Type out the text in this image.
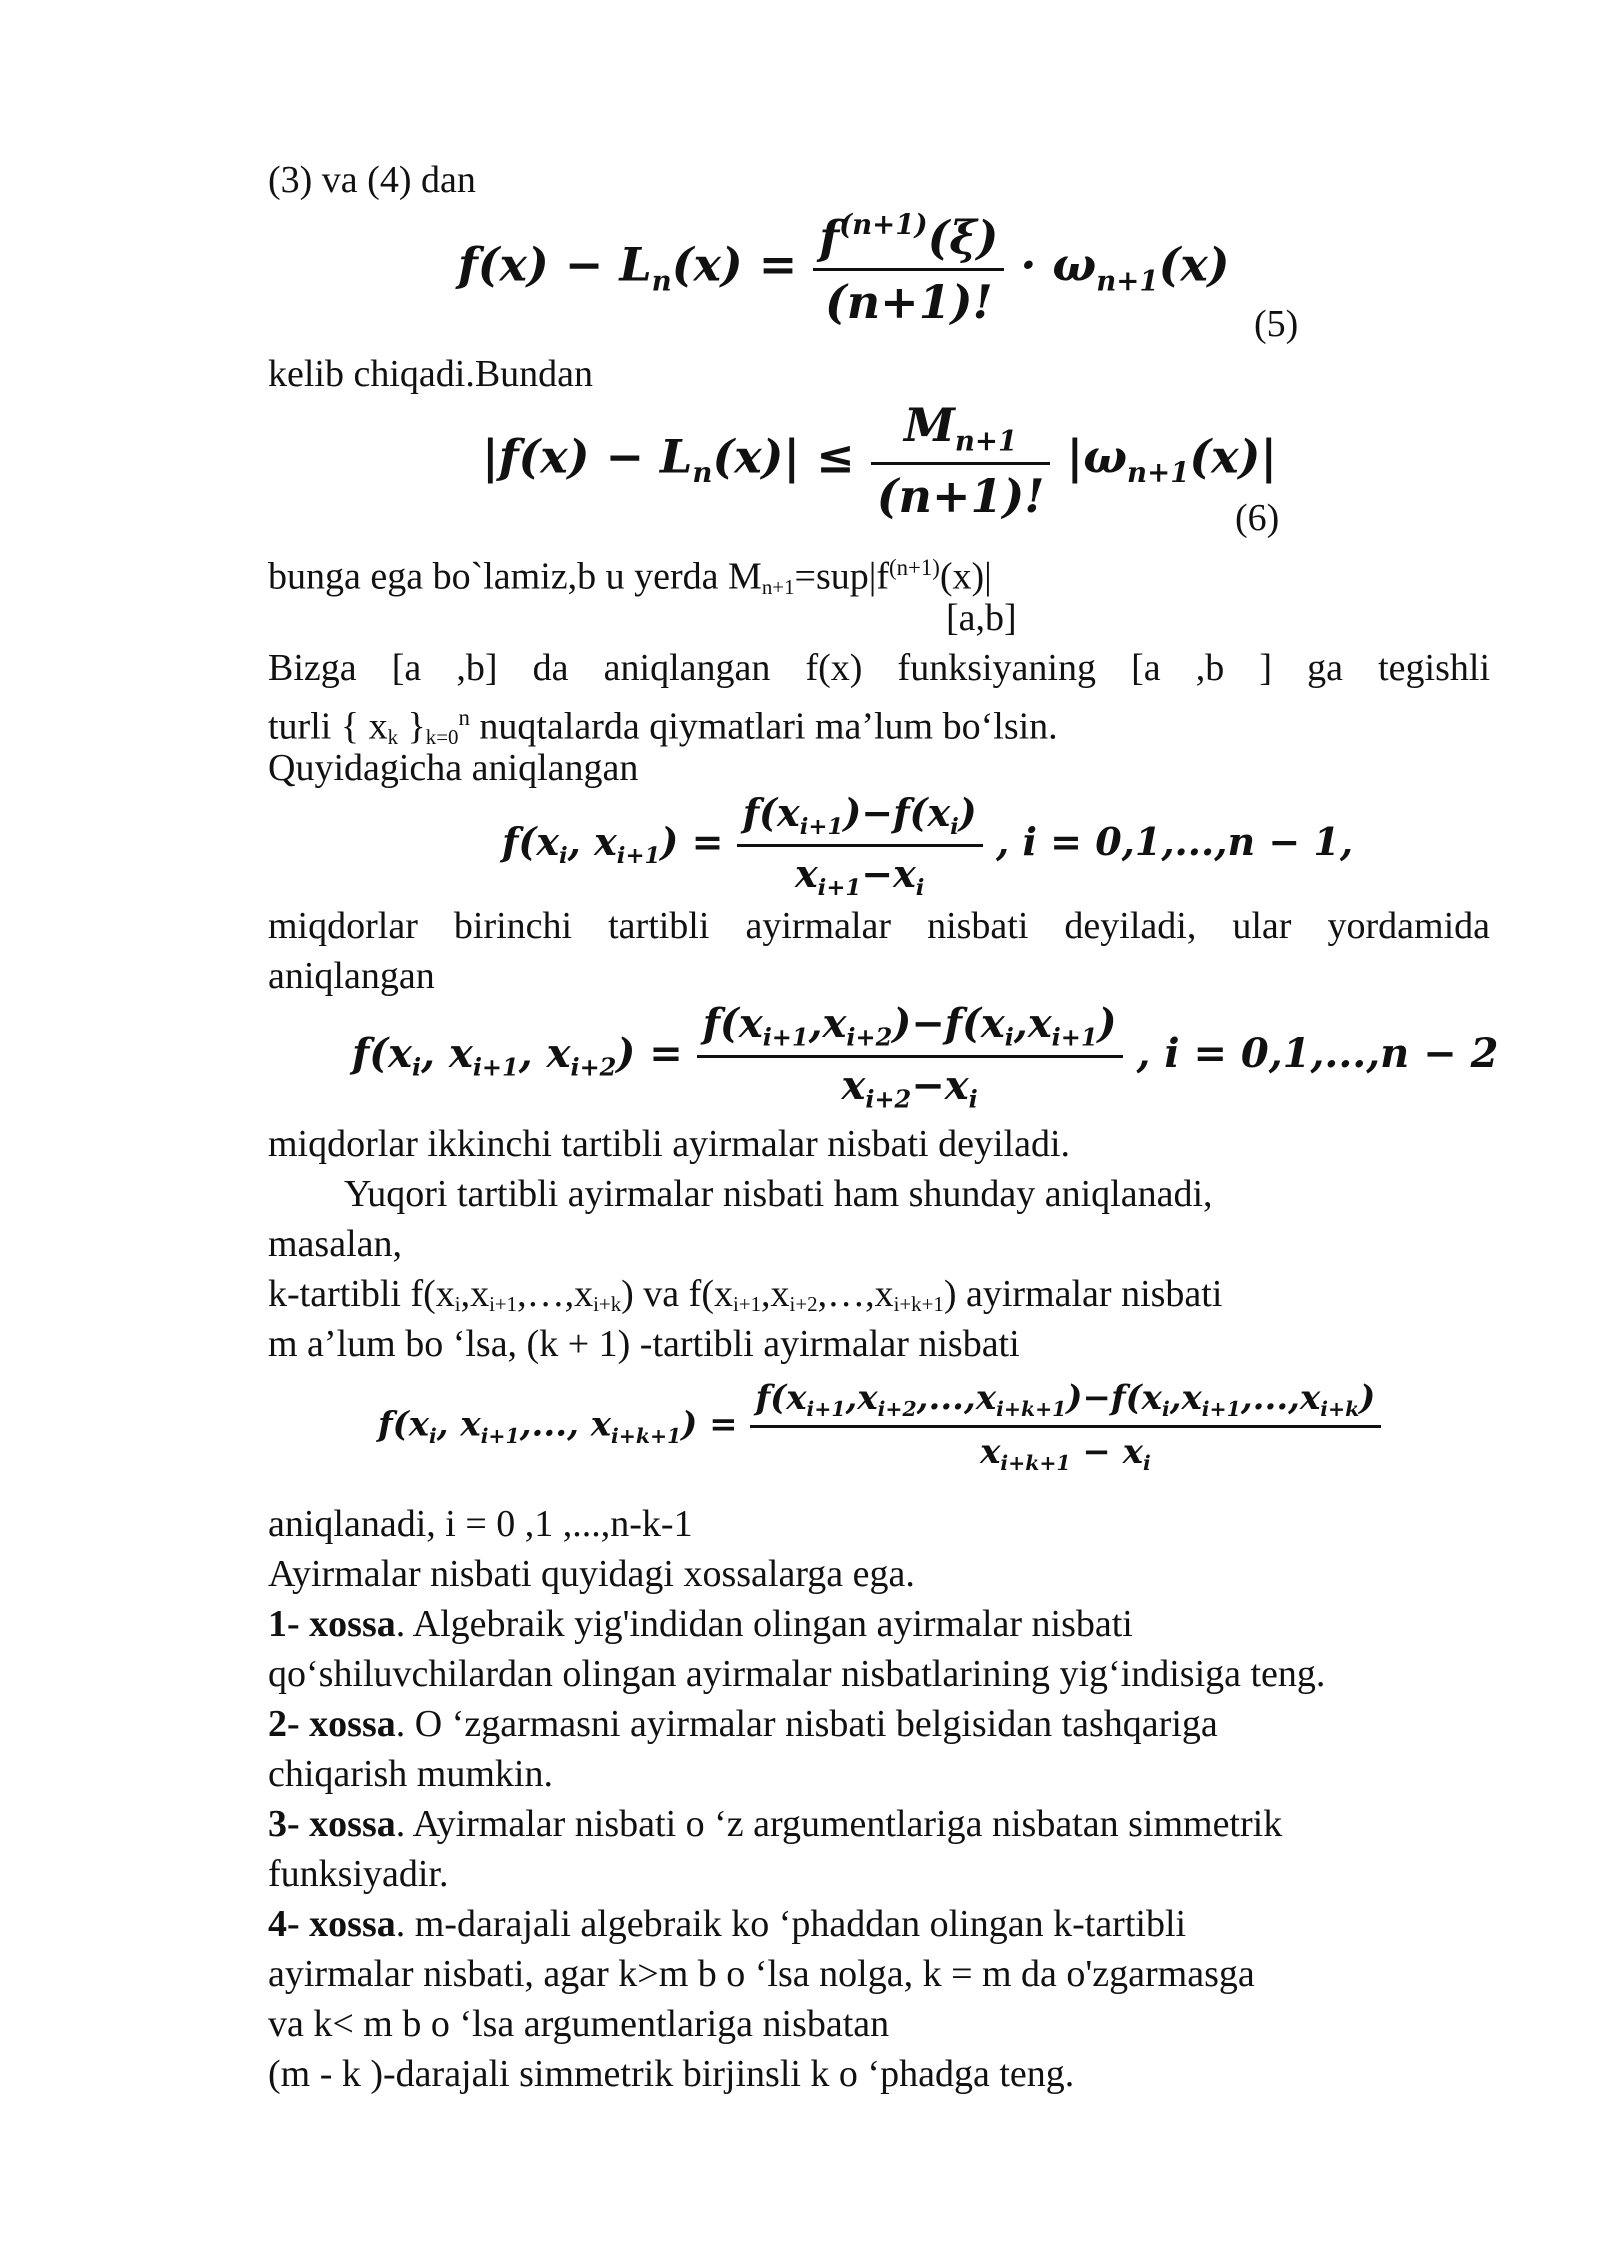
(3) va (4) dan
$f(x) - L_n(x) = \frac{f^{(n+1)}(\xi)}{(n+1)!} \cdot \omega_{n+1}(x)$
(5)
kelib chiqadi.Bundan
$|f(x) - L_n(x)| \le \frac{M_{n+1}}{(n+1)!} |\omega_{n+1}(x)|$
(6)
bunga ega bo`lamiz,b u yerda $Mn+1=sup|f^{(n+1)}(x)|$
[a,b]
Bizga [a ,b] da aniqlangan f(x) funksiyaning [a ,b ] ga tegishli
turli { xk }$k=0^n$ nuqtalarda qiymatlari ma’lum bo‘lsin.
Quyidagicha aniqlangan
$f(x_i$, $x_{i+1}) = \frac{f(x_{i+1})-f(x_i)}{x_{i+1}-x_i}$ , i = 0,1,...,n − 1,
miqdorlar birinchi tartibli ayirmalar nisbati deyiladi, ular yordamida
aniqlangan
$f(x_i$, $x_{i+1}$, $x_{i+2}) = \frac{f(x_{i+1},x_{i+2})-f(x_i,x_{i+1})}{x_{i+2}-x_i}$ , i = 0,1,...,n − 2
miqdorlar ikkinchi tartibli ayirmalar nisbati deyiladi.
Yuqori tartibli ayirmalar nisbati ham shunday aniqlanadi,
masalan,
k-tartibli f(xi,xi+1,…,xi+k) va f(xi+1,xi+2,…,xi+k+1) ayirmalar nisbati
m a’lum bo ‘lsa, (k + 1) -tartibli ayirmalar nisbati
$f(x_i$, $x_{i+1}$,..., $x_{i+k+1}) = \frac{f(x_{i+1},x_{i+2},...,x_{i+k+1})-f(x_i,x_{i+1},...,x_{i+k})}{x_{i+k+1} - x_i}$
aniqlanadi, i = 0 ,1 ,...,n-k-1
Ayirmalar nisbati quyidagi xossalarga ega.
1- xossa. Algebraik yig'indidan olingan ayirmalar nisbati
qo‘shiluvchilardan olingan ayirmalar nisbatlarining yig‘indisiga teng.
2- xossa. O ‘zgarmasni ayirmalar nisbati belgisidan tashqariga
chiqarish mumkin.
3- xossa. Ayirmalar nisbati o ‘z argumentlariga nisbatan simmetrik
funksiyadir.
4- xossa. m-darajali algebraik ko ‘phaddan olingan k-tartibli
ayirmalar nisbati, agar k>m b o ‘lsa nolga, k = m da o'zgarmasga
va k< m b o ‘lsa argumentlariga nisbatan
(m - k )-darajali simmetrik birjinsli k o ‘phadga teng.
